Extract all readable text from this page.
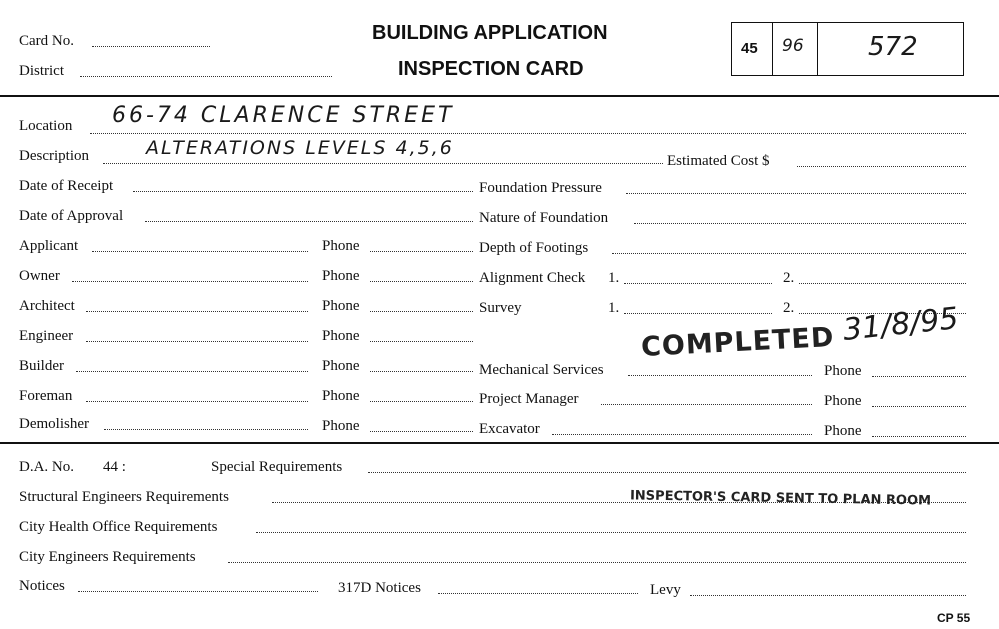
Card No.
District
BUILDING APPLICATION
INSPECTION CARD
45 96 572
Location 66-74 CLARENCE STREET
Description	ALTERATIONS LEVELS 4,5,6
Estimated Cost $
Date of Receipt
Date of Approval
Applicant	Phone
Owner	Phone
Architect	Phone
Engineer	Phone
Builder	Phone
Foreman	Phone
Demolisher	Phone
Foundation Pressure
Nature of Foundation
Depth of Footings
Alignment Check 1.	2.
Survey	1.	2.
COMPLETED 31/8/95
Mechanical Services	Phone
Project Manager	Phone
Excavator	Phone
D.A. No. 44 :	Special Requirements
Structural Engineers Requirements	INSPECTOR'S CARD SENT TO PLAN ROOM
City Health Office Requirements
City Engineers Requirements
Notices	317D Notices	Levy
CP 55
